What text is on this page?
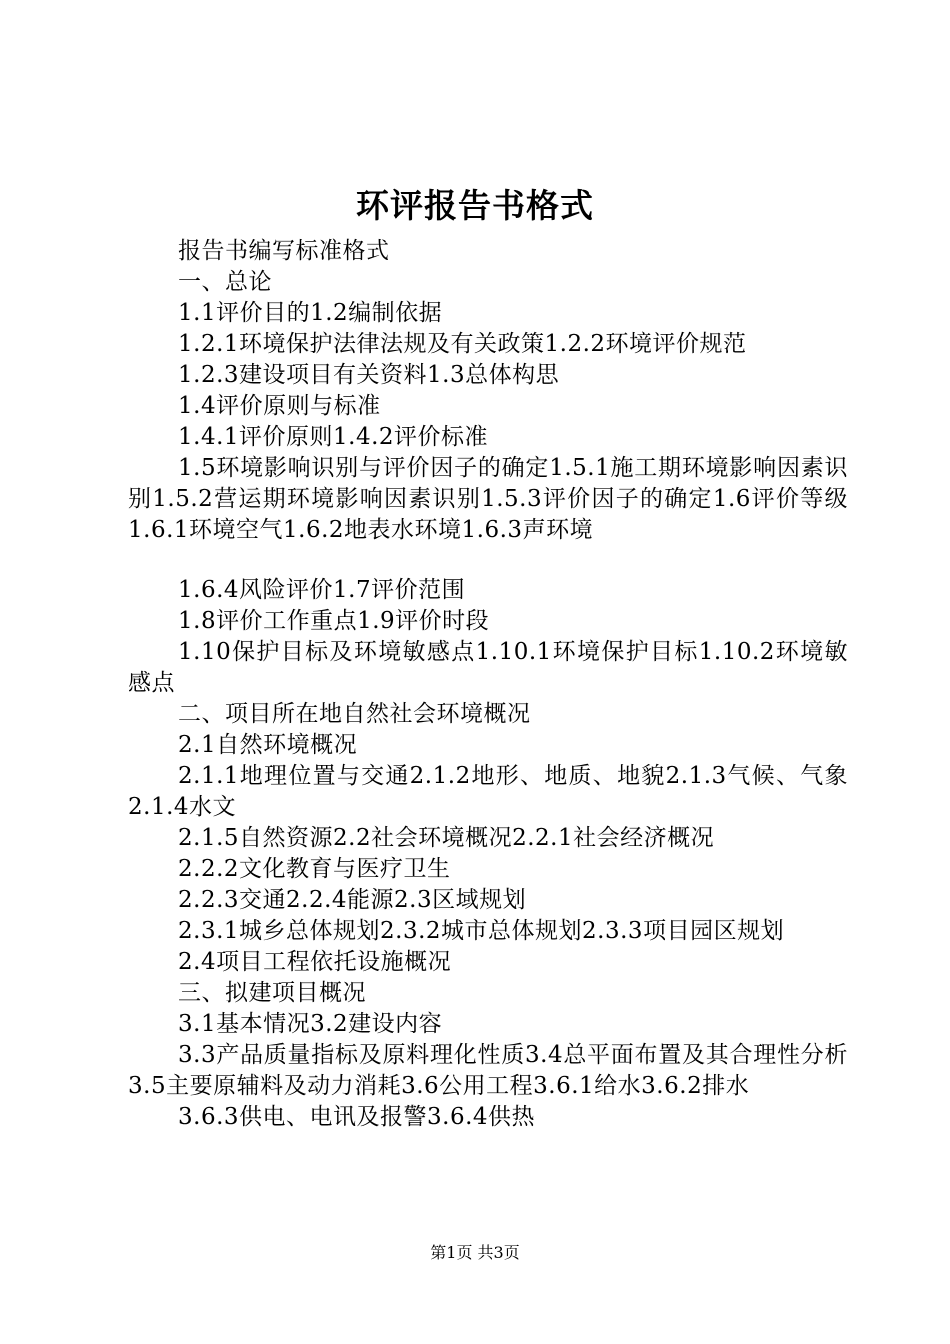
环评报告书格式

报告书编写标准格式

一、总论

1.1评价目的1.2编制依据

1.2.1环境保护法律法规及有关政策1.2.2环境评价规范

1.2.3建设项目有关资料1.3总体构思

1.4评价原则与标准

1.4.1评价原则1.4.2评价标准

1.5环境影响识别与评价因子的确定1.5.1施工期环境影响因素识别1.5.2营运期环境影响因素识别1.5.3评价因子的确定1.6评价等级1.6.1环境空气1.6.2地表水环境1.6.3声环境

1.6.4风险评价1.7评价范围

1.8评价工作重点1.9评价时段

1.10保护目标及环境敏感点1.10.1环境保护目标1.10.2环境敏感点

二、项目所在地自然社会环境概况

2.1自然环境概况

2.1.1地理位置与交通2.1.2地形、地质、地貌2.1.3气候、气象2.1.4水文

2.1.5自然资源2.2社会环境概况2.2.1社会经济概况

2.2.2文化教育与医疗卫生

2.2.3交通2.2.4能源2.3区域规划

2.3.1城乡总体规划2.3.2城市总体规划2.3.3项目园区规划

2.4项目工程依托设施概况

三、拟建项目概况

3.1基本情况3.2建设内容

3.3产品质量指标及原料理化性质3.4总平面布置及其合理性分析3.5主要原辅料及动力消耗3.6公用工程3.6.1给水3.6.2排水

3.6.3供电、电讯及报警3.6.4供热

第1页 共3页
